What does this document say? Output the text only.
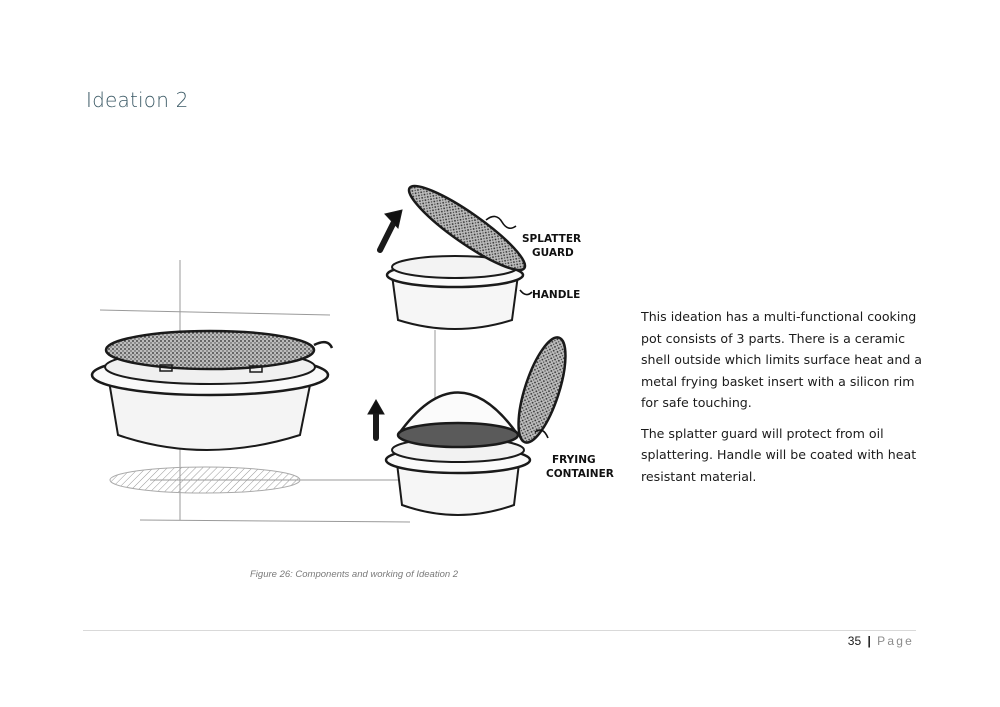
Ideation 2
SPLATTER
GUARD
HANDLE
FRYING
CONTAINER
Figure 26: Components and working of Ideation 2

This ideation has a multi-functional cooking pot consists of 3 parts. There is a ceramic shell outside which limits surface heat and a metal frying basket insert with a silicon rim for safe touching.

The splatter guard will protect from oil splattering. Handle will be coated with heat resistant material.

35 | Page
